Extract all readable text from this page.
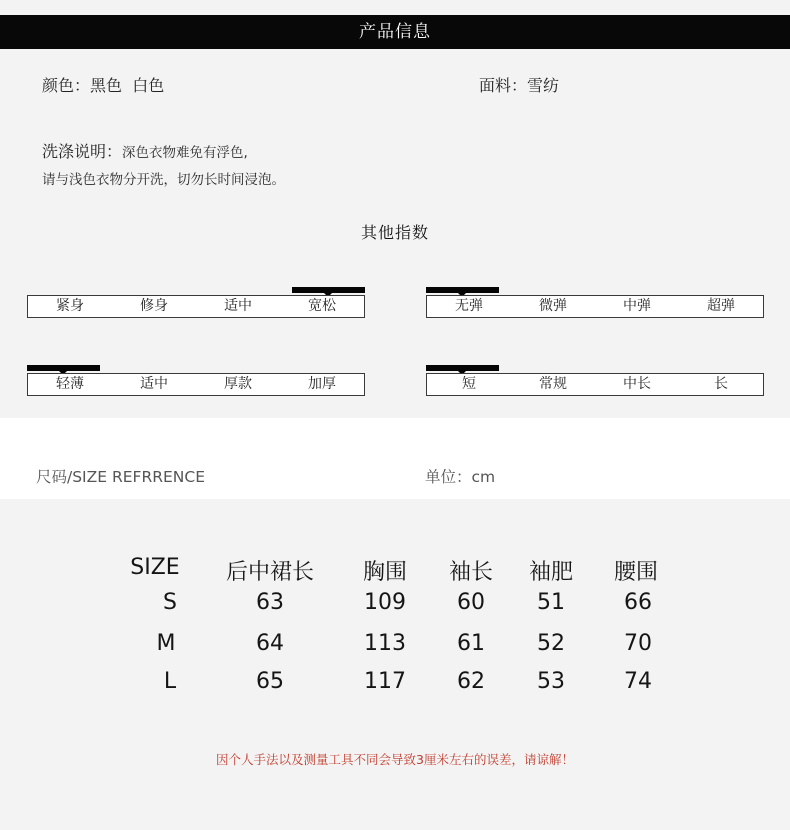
产品信息
颜色：黑色  白色	面料：雪纺
洗涤说明：深色衣物难免有浮色,
请与浅色衣物分开洗，切勿长时间浸泡。
其他指数
紧身	修身	适中	宽松	无弹	微弹	中弹	超弹
轻薄	适中	厚款	加厚	短	常规	中长	长
尺码/SIZE REFRRENCE	单位：cm
SIZE 后中裙长 胸围 袖长 袖肥 腰围
S	63	109 60 51	66
M	64	113 61 52	70
L	65	117 62 53	74
因个人手法以及测量工具不同会导致3厘米左右的误差，请谅解！
